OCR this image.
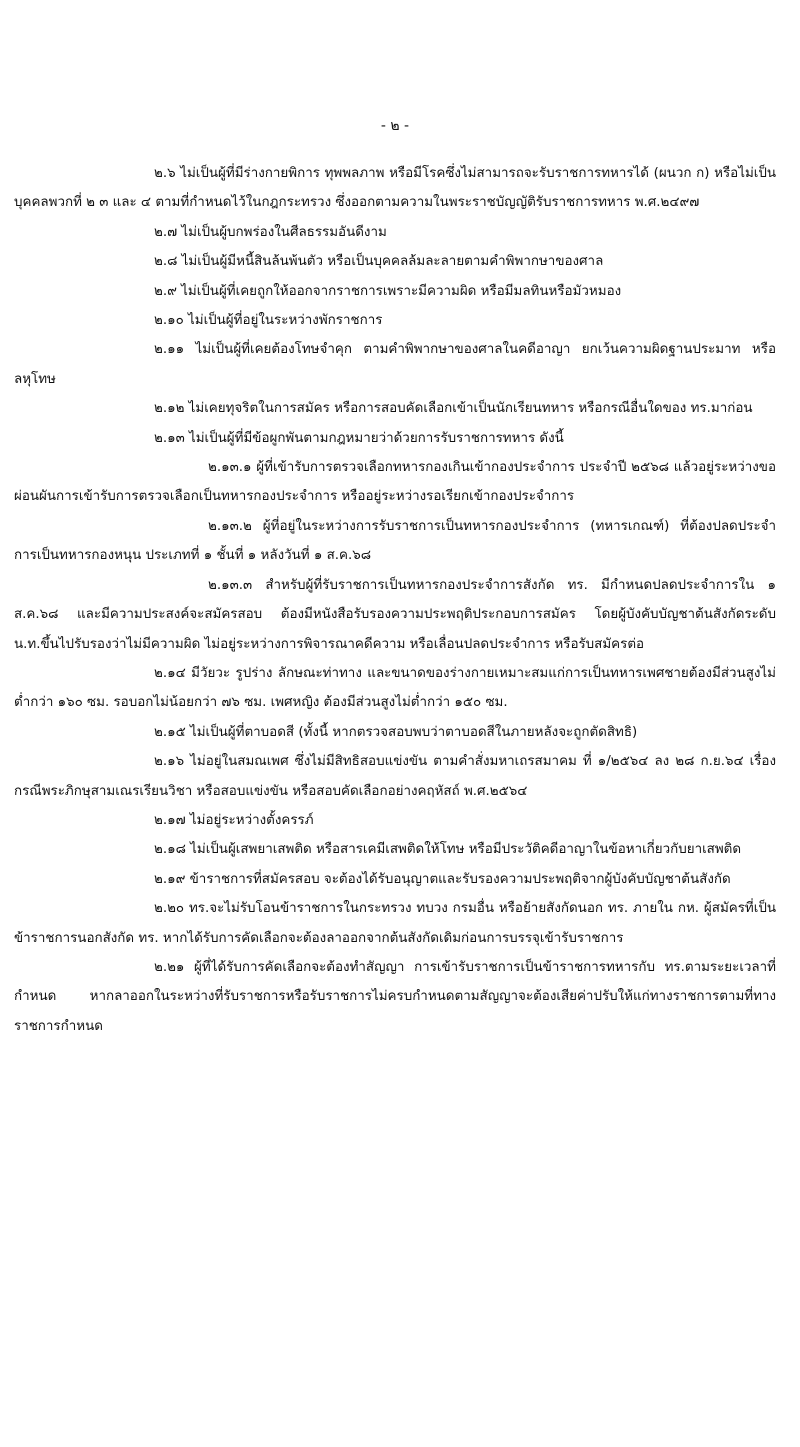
- ๒ -

๒.๖ ไม่เป็นผู้ที่มีร่างกายพิการ ทุพพลภาพ หรือมีโรคซึ่งไม่สามารถจะรับราชการทหารได้ (ผนวก ก) หรือไม่เป็นบุคคลพวกที่ ๒ ๓ และ ๔ ตามที่กำหนดไว้ในกฎกระทรวง ซึ่งออกตามความในพระราชบัญญัติรับราชการทหาร พ.ศ.๒๔๙๗

๒.๗ ไม่เป็นผู้บกพร่องในศีลธรรมอันดีงาม

๒.๘ ไม่เป็นผู้มีหนี้สินล้นพ้นตัว หรือเป็นบุคคลล้มละลายตามคำพิพากษาของศาล

๒.๙ ไม่เป็นผู้ที่เคยถูกให้ออกจากราชการเพราะมีความผิด หรือมีมลทินหรือมัวหมอง

๒.๑๐ ไม่เป็นผู้ที่อยู่ในระหว่างพักราชการ

๒.๑๑ ไม่เป็นผู้ที่เคยต้องโทษจำคุก ตามคำพิพากษาของศาลในคดีอาญา ยกเว้นความผิดฐานประมาท หรือลหุโทษ

๒.๑๒ ไม่เคยทุจริตในการสมัคร หรือการสอบคัดเลือกเข้าเป็นนักเรียนทหาร หรือกรณีอื่นใดของ ทร.มาก่อน

๒.๑๓ ไม่เป็นผู้ที่มีข้อผูกพันตามกฎหมายว่าด้วยการรับราชการทหาร ดังนี้

๒.๑๓.๑ ผู้ที่เข้ารับการตรวจเลือกทหารกองเกินเข้ากองประจำการ ประจำปี ๒๕๖๘ แล้วอยู่ระหว่างขอผ่อนผันการเข้ารับการตรวจเลือกเป็นทหารกองประจำการ หรืออยู่ระหว่างรอเรียกเข้ากองประจำการ

๒.๑๓.๒ ผู้ที่อยู่ในระหว่างการรับราชการเป็นทหารกองประจำการ (ทหารเกณฑ์) ที่ต้องปลดประจำการเป็นทหารกองหนุน ประเภทที่ ๑ ชั้นที่ ๑ หลังวันที่ ๑ ส.ค.๖๘

๒.๑๓.๓ สำหรับผู้ที่รับราชการเป็นทหารกองประจำการสังกัด ทร. มีกำหนดปลดประจำการใน ๑ ส.ค.๖๘ และมีความประสงค์จะสมัครสอบ ต้องมีหนังสือรับรองความประพฤติประกอบการสมัคร โดยผู้บังคับบัญชาต้นสังกัดระดับ น.ท.ขึ้นไปรับรองว่าไม่มีความผิด ไม่อยู่ระหว่างการพิจารณาคดีความ หรือเลื่อนปลดประจำการ หรือรับสมัครต่อ

๒.๑๔ มีวัยวะ รูปร่าง ลักษณะท่าทาง และขนาดของร่างกายเหมาะสมแก่การเป็นทหารเพศชายต้องมีส่วนสูงไม่ต่ำกว่า ๑๖๐ ซม. รอบอกไม่น้อยกว่า ๗๖ ซม. เพศหญิง ต้องมีส่วนสูงไม่ต่ำกว่า ๑๕๐ ซม.

๒.๑๕ ไม่เป็นผู้ที่ตาบอดสี (ทั้งนี้ หากตรวจสอบพบว่าตาบอดสีในภายหลังจะถูกตัดสิทธิ)

๒.๑๖ ไม่อยู่ในสมณเพศ ซึ่งไม่มีสิทธิสอบแข่งขัน ตามคำสั่งมหาเถรสมาคม ที่ ๑/๒๕๖๔ ลง ๒๘ ก.ย.๖๔ เรื่อง กรณีพระภิกษุสามเณรเรียนวิชา หรือสอบแข่งขัน หรือสอบคัดเลือกอย่างคฤหัสถ์ พ.ศ.๒๕๖๔

๒.๑๗ ไม่อยู่ระหว่างตั้งครรภ์

๒.๑๘ ไม่เป็นผู้เสพยาเสพติด หรือสารเคมีเสพติดให้โทษ หรือมีประวัติคดีอาญาในข้อหาเกี่ยวกับยาเสพติด

๒.๑๙ ข้าราชการที่สมัครสอบ จะต้องได้รับอนุญาตและรับรองความประพฤติจากผู้บังคับบัญชาต้นสังกัด

๒.๒๐ ทร.จะไม่รับโอนข้าราชการในกระทรวง ทบวง กรมอื่น หรือย้ายสังกัดนอก ทร. ภายใน กห. ผู้สมัครที่เป็นข้าราชการนอกสังกัด ทร. หากได้รับการคัดเลือกจะต้องลาออกจากต้นสังกัดเดิมก่อนการบรรจุเข้ารับราชการ

๒.๒๑ ผู้ที่ได้รับการคัดเลือกจะต้องทำสัญญา การเข้ารับราชการเป็นข้าราชการทหารกับ ทร.ตามระยะเวลาที่กำหนด หากลาออกในระหว่างที่รับราชการหรือรับราชการไม่ครบกำหนดตามสัญญาจะต้องเสียค่าปรับให้แก่ทางราชการตามที่ทางราชการกำหนด
